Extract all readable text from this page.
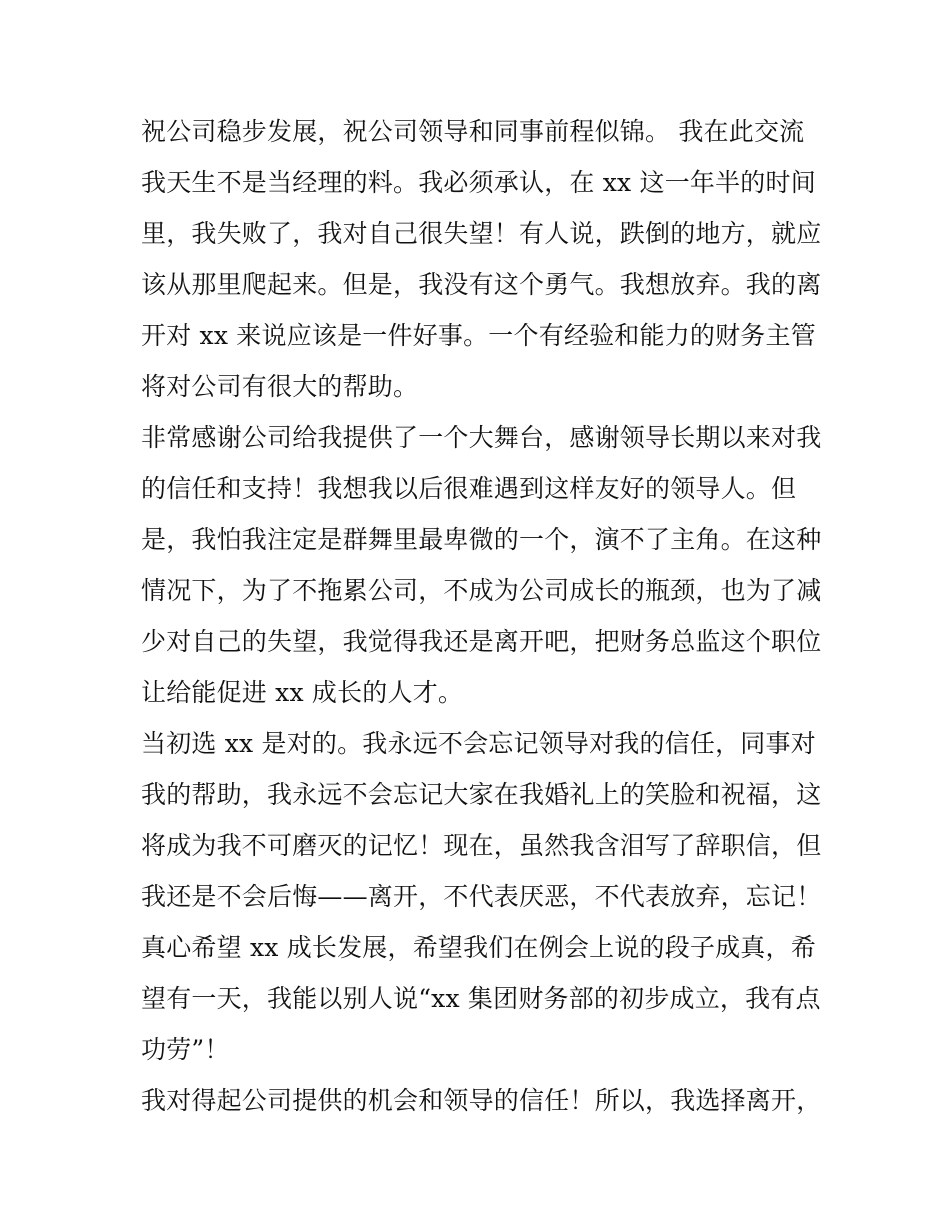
祝公司稳步发展，祝公司领导和同事前程似锦。 我在此交流
我天生不是当经理的料。我必须承认，在 xx 这一年半的时间
里，我失败了，我对自己很失望！有人说，跌倒的地方，就应
该从那里爬起来。但是，我没有这个勇气。我想放弃。我的离
开对 xx 来说应该是一件好事。一个有经验和能力的财务主管
将对公司有很大的帮助。
非常感谢公司给我提供了一个大舞台，感谢领导长期以来对我
的信任和支持！我想我以后很难遇到这样友好的领导人。但
是，我怕我注定是群舞里最卑微的一个，演不了主角。在这种
情况下，为了不拖累公司，不成为公司成长的瓶颈，也为了减
少对自己的失望，我觉得我还是离开吧，把财务总监这个职位
让给能促进 xx 成长的人才。
当初选 xx 是对的。我永远不会忘记领导对我的信任，同事对
我的帮助，我永远不会忘记大家在我婚礼上的笑脸和祝福，这
将成为我不可磨灭的记忆！现在，虽然我含泪写了辞职信，但
我还是不会后悔——离开，不代表厌恶，不代表放弃，忘记！
真心希望 xx 成长发展，希望我们在例会上说的段子成真，希
望有一天，我能以别人说“xx 集团财务部的初步成立，我有点
功劳”！
我对得起公司提供的机会和领导的信任！所以，我选择离开，
